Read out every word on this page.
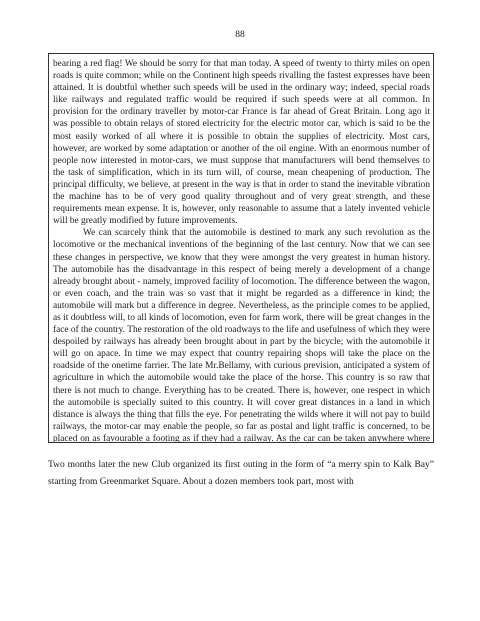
88

bearing a red flag! We should be sorry for that man today. A speed of twenty to thirty miles on open roads is quite common; while on the Continent high speeds rivalling the fastest expresses have been attained. It is doubtful whether such speeds will be used in the ordinary way; indeed, special roads like railways and regulated traffic would be required if such speeds were at all common. In provision for the ordinary traveller by motor-car France is far ahead of Great Britain. Long ago it was possible to obtain relays of stored electricity for the electric motor car, which is said to be the most easily worked of all where it is possible to obtain the supplies of electricity. Most cars, however, are worked by some adaptation or another of the oil engine. With an enormous number of people now interested in motor-cars, we must suppose that manufacturers will bend themselves to the task of simplification, which in its turn will, of course, mean cheapening of production. The principal difficulty, we believe, at present in the way is that in order to stand the inevitable vibration the machine has to be of very good quality throughout and of very great strength, and these requirements mean expense. It is, however, only reasonable to assume that a lately invented vehicle will be greatly modified by future improvements.

We can scarcely think that the automobile is destined to mark any such revolution as the locomotive or the mechanical inventions of the beginning of the last century. Now that we can see these changes in perspective, we know that they were amongst the very greatest in human history. The automobile has the disadvantage in this respect of being merely a development of a change already brought about - namely, improved facility of locomotion. The difference between the wagon, or even coach, and the train was so vast that it might be regarded as a difference in kind; the automobile will mark but a difference in degree. Nevertheless, as the principle comes to be applied, as it doubtless will, to all kinds of locomotion, even for farm work, there will be great changes in the face of the country. The restoration of the old roadways to the life and usefulness of which they were despoiled by railways has already been brought about in part by the bicycle; with the automobile it will go on apace. In time we may expect that country repairing shops will take the place on the roadside of the onetime farrier. The late Mr.Bellamy, with curious prevision, anticipated a system of agriculture in which the automobile would take the place of the horse. This country is so raw that there is not much to change. Everything has to be created. There is, however, one respect in which the automobile is specially suited to this country. It will cover great distances in a land in which distance is always the thing that fills the eye. For penetrating the wilds where it will not pay to build railways, the motor-car may enable the people, so far as postal and light traffic is concerned, to be placed on as favourable a footing as if they had a railway. As the car can be taken anywhere where

Two months later the new Club organized its first outing in the form of “a merry spin to Kalk Bay” starting from Greenmarket Square. About a dozen members took part, most with
